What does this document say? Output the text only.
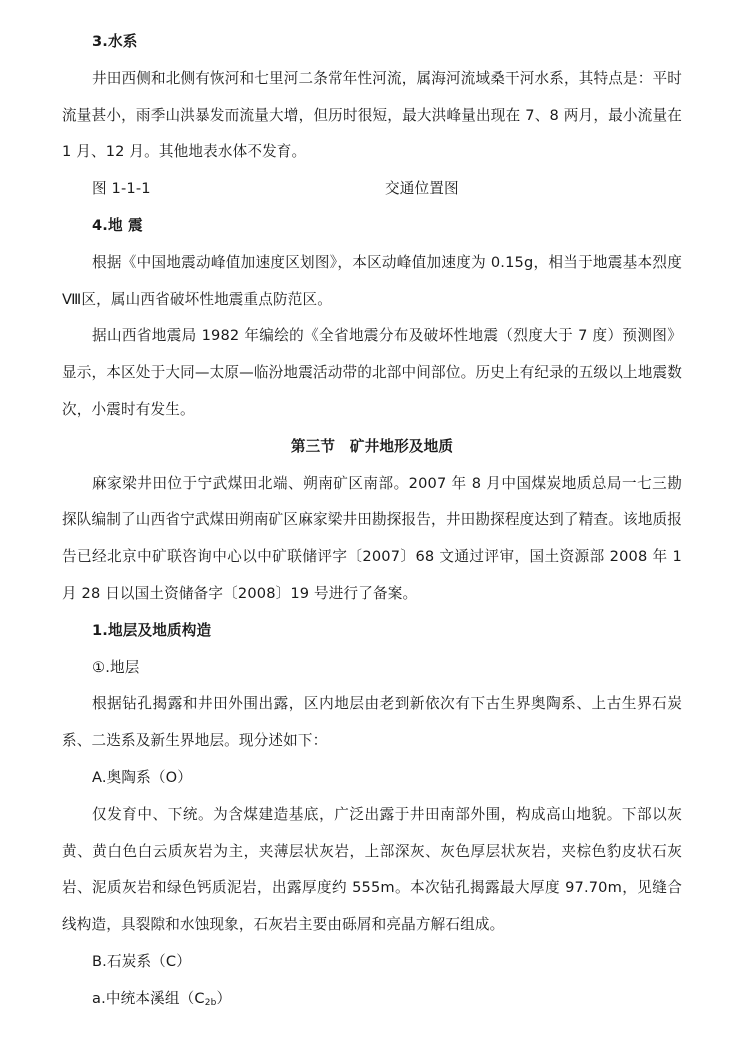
3.水系
井田西侧和北侧有恢河和七里河二条常年性河流，属海河流域桑干河水系，其特点是：平时流量甚小，雨季山洪暴发而流量大增，但历时很短，最大洪峰量出现在 7、8 两月，最小流量在 1 月、12 月。其他地表水体不发育。
图 1-1-1	交通位置图
4.地 震
根据《中国地震动峰值加速度区划图》，本区动峰值加速度为 0.15g，相当于地震基本烈度Ⅷ区，属山西省破坏性地震重点防范区。
据山西省地震局 1982 年编绘的《全省地震分布及破坏性地震（烈度大于 7 度）预测图》显示，本区处于大同—太原—临汾地震活动带的北部中间部位。历史上有纪录的五级以上地震数次，小震时有发生。
第三节　矿井地形及地质
麻家梁井田位于宁武煤田北端、朔南矿区南部。2007 年 8 月中国煤炭地质总局一七三勘探队编制了山西省宁武煤田朔南矿区麻家梁井田勘探报告，井田勘探程度达到了精查。该地质报告已经北京中矿联咨询中心以中矿联储评字〔2007〕68 文通过评审，国土资源部 2008 年 1 月 28 日以国土资储备字〔2008〕19 号进行了备案。
1.地层及地质构造
①.地层
根据钻孔揭露和井田外围出露，区内地层由老到新依次有下古生界奥陶系、上古生界石炭系、二迭系及新生界地层。现分述如下：
A.奥陶系（O）
仅发育中、下统。为含煤建造基底，广泛出露于井田南部外围，构成高山地貌。下部以灰黄、黄白色白云质灰岩为主，夹薄层状灰岩，上部深灰、灰色厚层状灰岩，夹棕色豹皮状石灰岩、泥质灰岩和绿色钙质泥岩，出露厚度约 555m。本次钻孔揭露最大厚度 97.70m，见缝合线构造，具裂隙和水蚀现象，石灰岩主要由砾屑和亮晶方解石组成。
B.石炭系（C）
a.中统本溪组$(C_{2b})$
